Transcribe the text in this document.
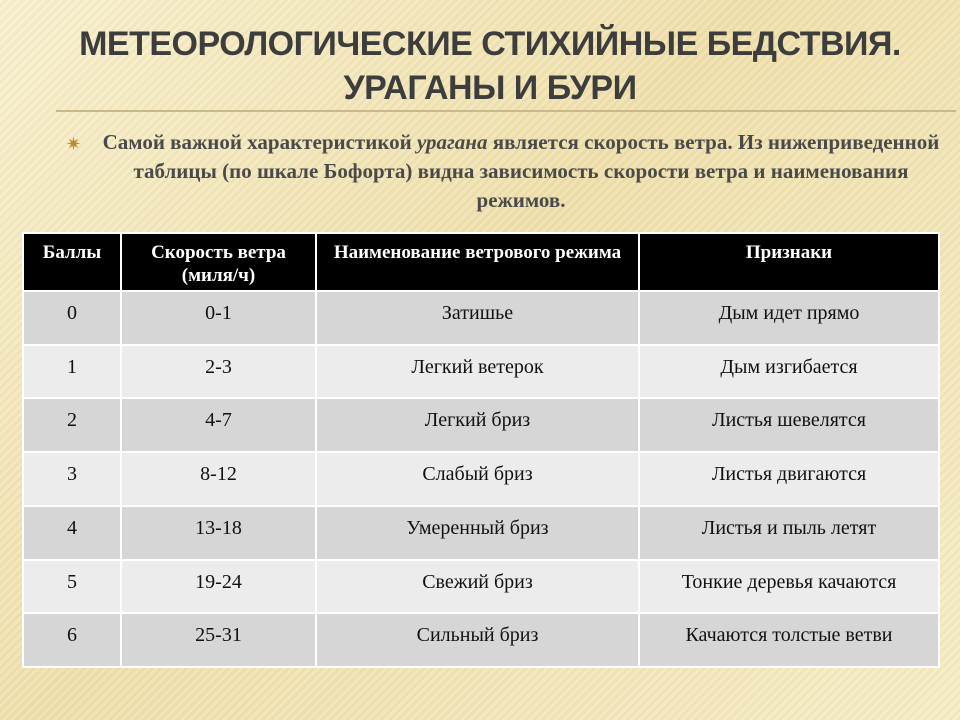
МЕТЕОРОЛОГИЧЕСКИЕ СТИХИЙНЫЕ БЕДСТВИЯ.
УРАГАНЫ И БУРИ
✷	Самой важной характеристикой урагана является скорость ветра. Из нижеприведенной таблицы (по шкале Бофорта) видна зависимость скорости ветра и наименования режимов.
Баллы	Скорость ветра (миля/ч)	Наименование ветрового режима	Признаки
0	0-1	Затишье	Дым идет прямо
1	2-3	Легкий ветерок	Дым изгибается
2	4-7	Легкий бриз	Листья шевелятся
3	8-12	Слабый бриз	Листья двигаются
4	13-18	Умеренный бриз	Листья и пыль летят
5	19-24	Свежий бриз	Тонкие деревья качаются
6	25-31	Сильный бриз	Качаются толстые ветви
